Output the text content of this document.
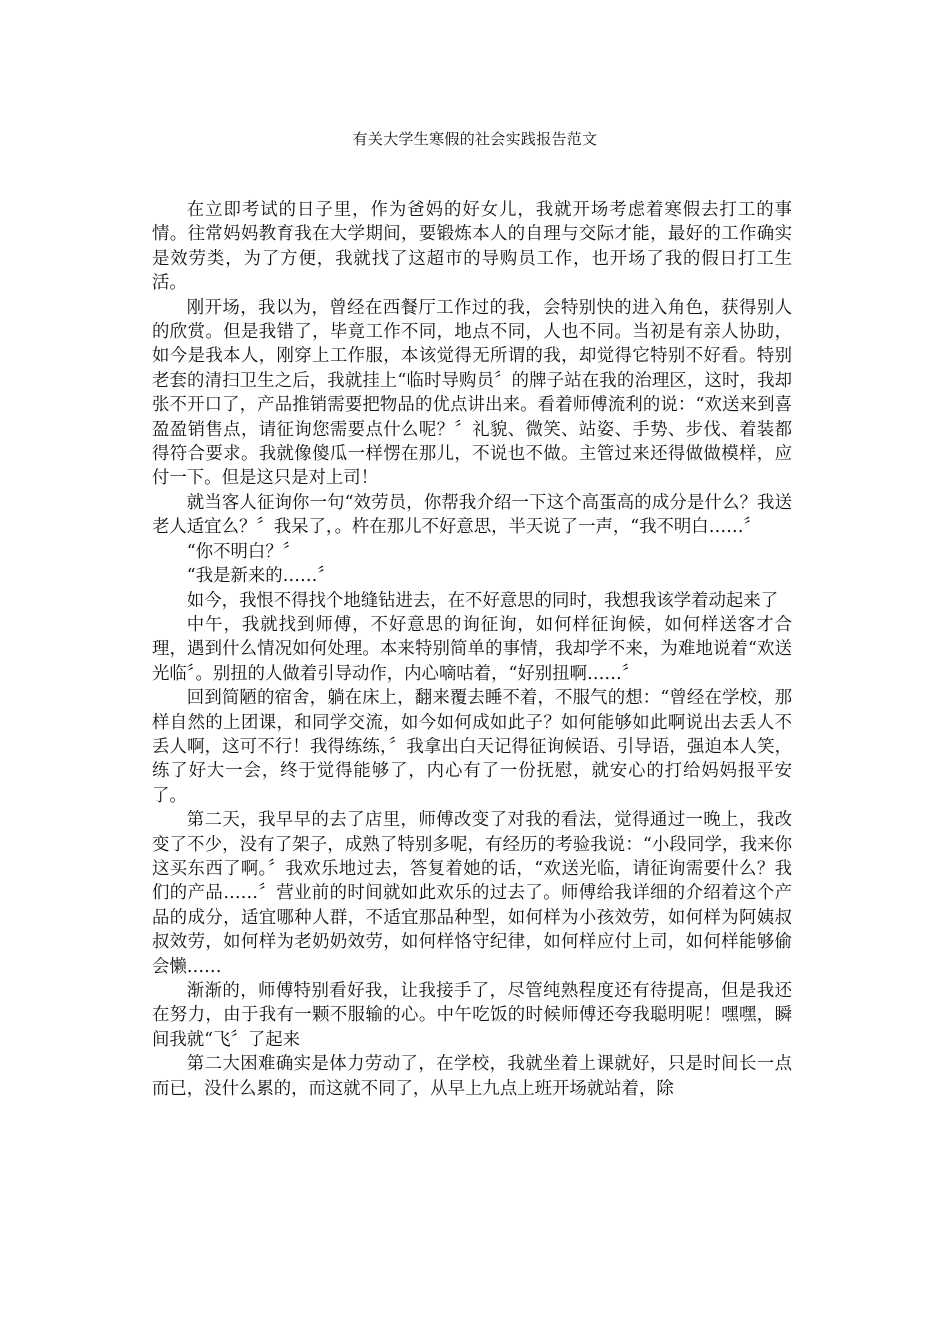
有关大学生寒假的社会实践报告范文

在立即考试的日子里，作为爸妈的好女儿，我就开场考虑着寒假去打工的事情。往常妈妈教育我在大学期间，要锻炼本人的自理与交际才能，最好的工作确实是效劳类，为了方便，我就找了这超市的导购员工作，也开场了我的假日打工生活。

刚开场，我以为，曾经在西餐厅工作过的我，会特别快的进入角色，获得别人的欣赏。但是我错了，毕竟工作不同，地点不同，人也不同。当初是有亲人协助，如今是我本人，刚穿上工作服，本该觉得无所谓的我，却觉得它特别不好看。特别老套的清扫卫生之后，我就挂上“临时导购员〞的牌子站在我的治理区，这时，我却张不开口了，产品推销需要把物品的优点讲出来。看着师傅流利的说：“欢送来到喜盈盈销售点，请征询您需要点什么呢？〞礼貌、微笑、站姿、手势、步伐、着装都得符合要求。我就像傻瓜一样愣在那儿，不说也不做。主管过来还得做做模样，应付一下。但是这只是对上司！

就当客人征询你一句“效劳员，你帮我介绍一下这个高蛋高的成分是什么？我送老人适宜么？〞我呆了，。杵在那儿不好意思，半天说了一声，“我不明白……〞

“你不明白？〞

“我是新来的……〞

如今，我恨不得找个地缝钻进去，在不好意思的同时，我想我该学着动起来了

中午，我就找到师傅，不好意思的询征询，如何样征询候，如何样送客才合理，遇到什么情况如何处理。本来特别简单的事情，我却学不来，为难地说着“欢送光临〞。别扭的人做着引导动作，内心嘀咕着，“好别扭啊……〞

回到简陋的宿舍，躺在床上，翻来覆去睡不着，不服气的想：“曾经在学校，那样自然的上团课，和同学交流，如今如何成如此子？如何能够如此啊说出去丢人不丢人啊，这可不行！我得练练，〞我拿出白天记得征询候语、引导语，强迫本人笑，练了好大一会，终于觉得能够了，内心有了一份抚慰，就安心的打给妈妈报平安了。

第二天，我早早的去了店里，师傅改变了对我的看法，觉得通过一晚上，我改变了不少，没有了架子，成熟了特别多呢，有经历的考验我说：“小段同学，我来你这买东西了啊。〞我欢乐地过去，答复着她的话，“欢送光临，请征询需要什么？我们的产品……〞营业前的时间就如此欢乐的过去了。师傅给我详细的介绍着这个产品的成分，适宜哪种人群，不适宜那品种型，如何样为小孩效劳，如何样为阿姨叔叔效劳，如何样为老奶奶效劳，如何样恪守纪律，如何样应付上司，如何样能够偷会懒……

渐渐的，师傅特别看好我，让我接手了，尽管纯熟程度还有待提高，但是我还在努力，由于我有一颗不服输的心。中午吃饭的时候师傅还夸我聪明呢！嘿嘿，瞬间我就“飞〞了起来

第二大困难确实是体力劳动了，在学校，我就坐着上课就好，只是时间长一点而已，没什么累的，而这就不同了，从早上九点上班开场就站着，除
